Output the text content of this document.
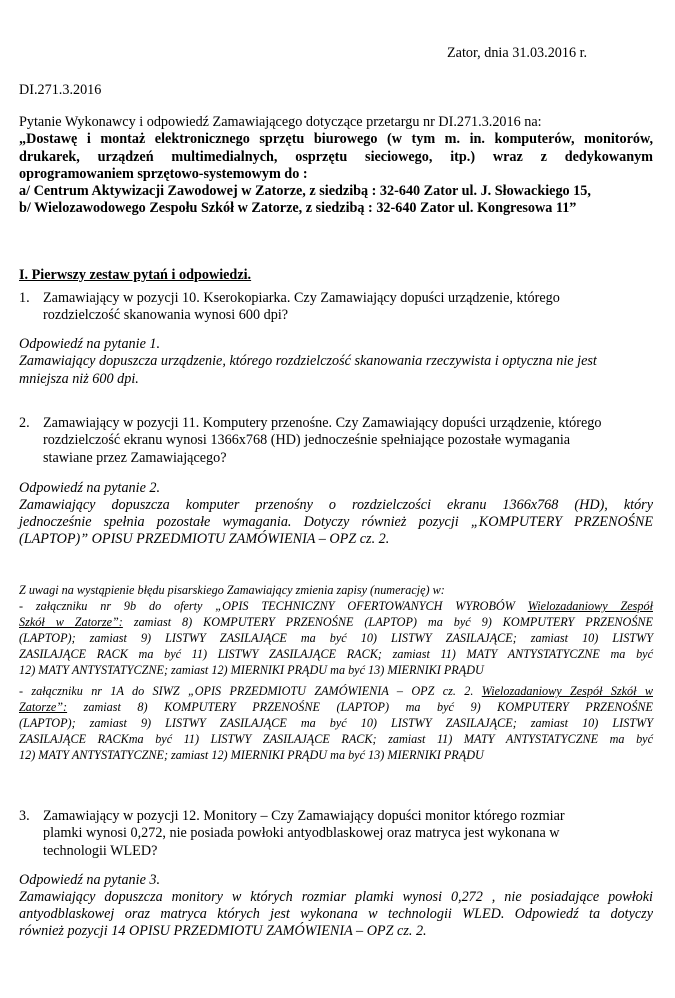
Zator, dnia 31.03.2016 r.
DI.271.3.2016
Pytanie Wykonawcy i odpowiedź Zamawiającego dotyczące przetargu nr DI.271.3.2016 na:
„Dostawę i montaż elektronicznego sprzętu biurowego (w tym m. in. komputerów, monitorów,
drukarek, urządzeń multimedialnych, osprzętu sieciowego, itp.) wraz z dedykowanym
oprogramowaniem sprzętowo-systemowym do :
a/ Centrum Aktywizacji Zawodowej w Zatorze, z siedzibą : 32-640 Zator ul. J. Słowackiego 15,
b/ Wielozawodowego Zespołu Szkół w Zatorze, z siedzibą : 32-640 Zator ul. Kongresowa 11”
I. Pierwszy zestaw pytań i odpowiedzi.
1. Zamawiający w pozycji 10. Kserokopiarka. Czy Zamawiający dopuści urządzenie, którego
rozdzielczość skanowania wynosi 600 dpi?
Odpowiedź na pytanie 1.
Zamawiający dopuszcza urządzenie, którego rozdzielczość skanowania rzeczywista i optyczna nie jest
mniejsza niż 600 dpi.
2. Zamawiający w pozycji 11. Komputery przenośne. Czy Zamawiający dopuści urządzenie, którego
rozdzielczość ekranu wynosi 1366x768 (HD) jednocześnie spełniające pozostałe wymagania
stawiane przez Zamawiającego?
Odpowiedź na pytanie 2.
Zamawiający dopuszcza komputer przenośny o rozdzielczości ekranu 1366x768 (HD), który
jednocześnie spełnia pozostałe wymagania. Dotyczy również pozycji „KOMPUTERY PRZENOŚNE
(LAPTOP)” OPISU PRZEDMIOTU ZAMÓWIENIA – OPZ cz. 2.
Z uwagi na wystąpienie błędu pisarskiego Zamawiający zmienia zapisy (numerację) w:
- załączniku nr 9b do oferty „OPIS TECHNICZNY OFERTOWANYCH WYROBÓW Wielozadaniowy Zespół
Szkół w Zatorze”: zamiast 8) KOMPUTERY PRZENOŚNE (LAPTOP) ma być 9) KOMPUTERY PRZENOŚNE
(LAPTOP); zamiast 9) LISTWY ZASILAJĄCE ma być 10) LISTWY ZASILAJĄCE; zamiast 10) LISTWY
ZASILAJĄCE RACK ma być 11) LISTWY ZASILAJĄCE RACK; zamiast 11) MATY ANTYSTATYCZNE ma być
12) MATY ANTYSTATYCZNE; zamiast 12) MIERNIKI PRĄDU ma być 13) MIERNIKI PRĄDU
- załączniku nr 1A do SIWZ „OPIS PRZEDMIOTU ZAMÓWIENIA – OPZ cz. 2. Wielozadaniowy Zespół Szkół w
Zatorze”: zamiast 8) KOMPUTERY PRZENOŚNE (LAPTOP) ma być 9) KOMPUTERY PRZENOŚNE
(LAPTOP); zamiast 9) LISTWY ZASILAJĄCE ma być 10) LISTWY ZASILAJĄCE; zamiast 10) LISTWY
ZASILAJĄCE RACKma być 11) LISTWY ZASILAJĄCE RACK; zamiast 11) MATY ANTYSTATYCZNE ma być
12) MATY ANTYSTATYCZNE; zamiast 12) MIERNIKI PRĄDU ma być 13) MIERNIKI PRĄDU
3. Zamawiający w pozycji 12. Monitory – Czy Zamawiający dopuści monitor którego rozmiar
plamki wynosi 0,272, nie posiada powłoki antyodblaskowej oraz matryca jest wykonana w
technologii WLED?
Odpowiedź na pytanie 3.
Zamawiający dopuszcza monitory w których rozmiar plamki wynosi 0,272 , nie posiadające powłoki
antyodblaskowej oraz matryca których jest wykonana w technologii WLED. Odpowiedź ta dotyczy
również pozycji 14 OPISU PRZEDMIOTU ZAMÓWIENIA – OPZ cz. 2.
